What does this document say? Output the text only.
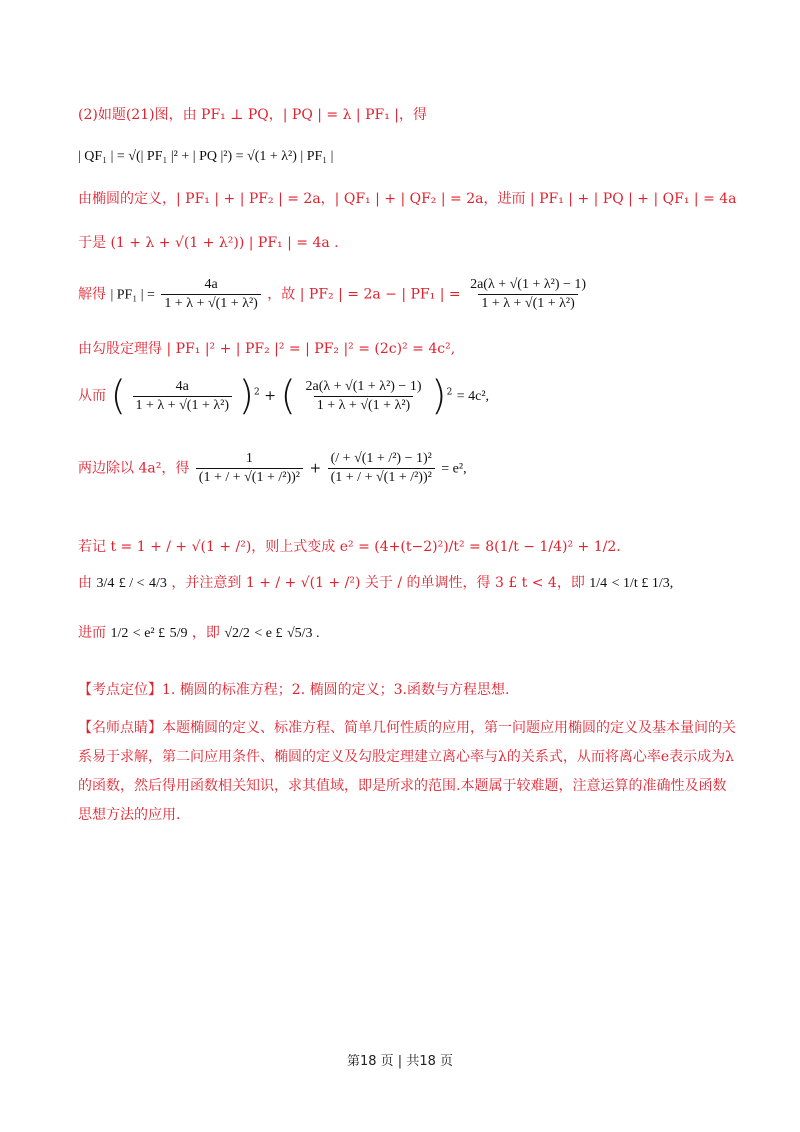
(2)如题(21)图，由 PF₁ ⊥ PQ，| PQ | = λ | PF₁ |，得
| QF₁ | = √(| PF₁ |² + | PQ |²) = √(1 + λ²) | PF₁ |
由椭圆的定义，| PF₁ | + | PF₂ | = 2a，| QF₁ | + | QF₂ | = 2a，进而 | PF₁ | + | PQ | + | QF₁ | = 4a
于是 (1 + λ + √(1 + λ²)) | PF₁ | = 4a .
解得 | PF₁ | = $\frac{4a}{\text{1 + λ + √(1 + λ²)}}$ ，故 | PF₂ | = 2a − | PF₁ | = $\frac{\text{2a(λ + √(1 + λ²) − 1)}}{\text{1 + λ + √(1 + λ²)}}$
由勾股定理得 | PF₁ |² + | PF₂ |² = | PF₂ |² = (2c)² = 4c²,
从而 ( $\frac{4a}{\text{1 + λ + √(1 + λ²)}} )^2$ + ( $\frac{\text{2a(λ + √(1 + λ²) − 1)}}{\text{1 + λ + √(1 + λ²)}} )^2 = 4c^2$,
两边除以 4a²，得 $\frac{1}{\text{(1 + / + √(1 + /²))²}} + \frac{\text{(/ + √(1 + /²) − 1)²}}{\text{(1 + / + √(1 + /²))²}} = e^2$,
若记 t = 1 + / + √(1 + /²)，则上式变成 e² = (4+(t−2)²)/t² = 8(1/t − 1/4)² + 1/2.
由 3/4 £ / < 4/3 ，并注意到 1 + / + √(1 + /²) 关于 / 的单调性，得 3 £ t < 4，即 1/4 < 1/t £ 1/3,
进而 1/2 < e² £ 5/9 ，即 √2/2 < e £ √5/3 .
【考点定位】1. 椭圆的标准方程；2. 椭圆的定义；3.函数与方程思想.
【名师点睛】本题椭圆的定义、标准方程、简单几何性质的应用，第一问题应用椭圆的定义及基本量间的关系易于求解，第二问应用条件、椭圆的定义及勾股定理建立离心率与λ的关系式，从而将离心率e表示成为λ的函数，然后得用函数相关知识，求其值域，即是所求的范围.本题属于较难题，注意运算的准确性及函数思想方法的应用.
第18 页 | 共18 页
